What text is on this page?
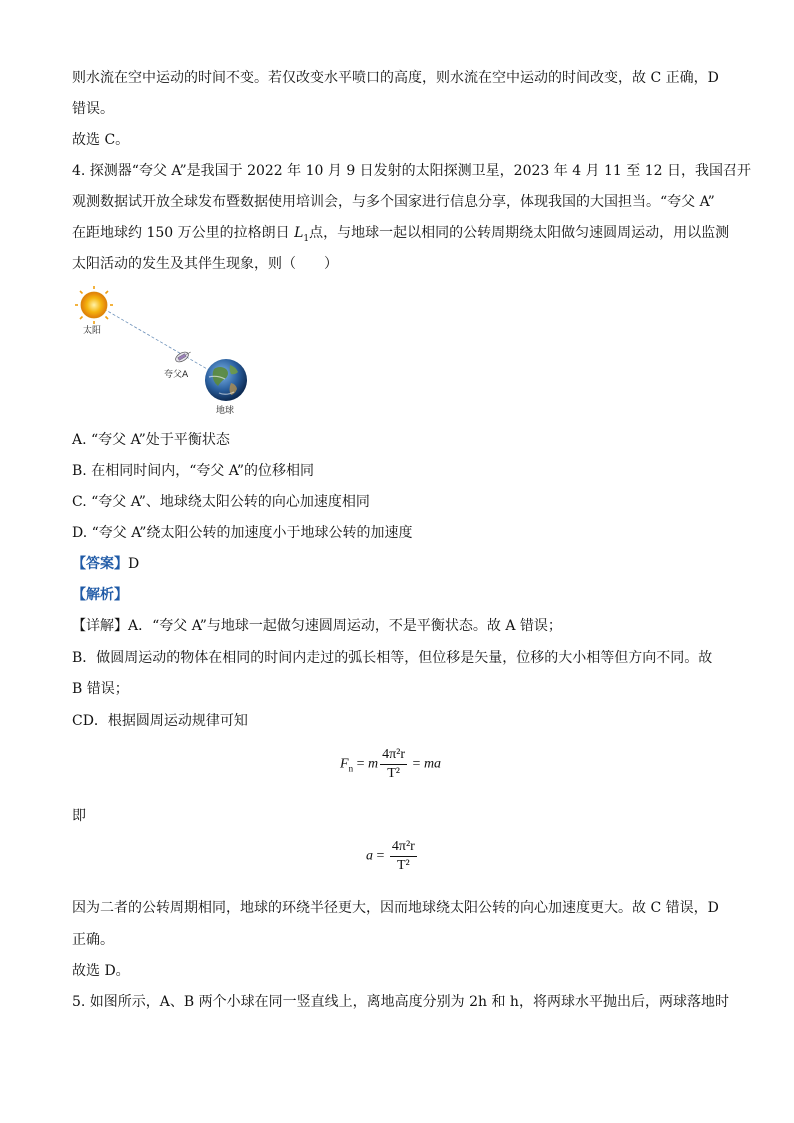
则水流在空中运动的时间不变。若仅改变水平喷口的高度，则水流在空中运动的时间改变，故 C 正确，D
错误。
故选 C。
4. 探测器“夸父 A”是我国于 2022 年 10 月 9 日发射的太阳探测卫星，2023 年 4 月 11 至 12 日，我国召开
观测数据试开放全球发布暨数据使用培训会，与多个国家进行信息分享，体现我国的大国担当。“夸父 A”
在距地球约 150 万公里的拉格朗日 $L_1$点，与地球一起以相同的公转周期绕太阳做匀速圆周运动，用以监测
太阳活动的发生及其伴生现象，则（　　）
太阳
夸父A
地球
A. “夸父 A”处于平衡状态
B. 在相同时间内，“夸父 A”的位移相同
C. “夸父 A”、地球绕太阳公转的向心加速度相同
D. “夸父 A”绕太阳公转的加速度小于地球公转的加速度
【答案】D
【解析】
【详解】A．“夸父 A”与地球一起做匀速圆周运动，不是平衡状态。故 A 错误；
B．做圆周运动的物体在相同的时间内走过的弧长相等，但位移是矢量，位移的大小相等但方向不同。故
B 错误；
CD．根据圆周运动规律可知
$F_n = m \frac{\text{4π²r}}{\text{T²}}$ = ma
即
$a = \frac{\text{4π²r}}{\text{T²}}$
因为二者的公转周期相同，地球的环绕半径更大，因而地球绕太阳公转的向心加速度更大。故 C 错误，D
正确。
故选 D。
5. 如图所示，A、B 两个小球在同一竖直线上，离地高度分别为 2h 和 h，将两球水平抛出后，两球落地时
